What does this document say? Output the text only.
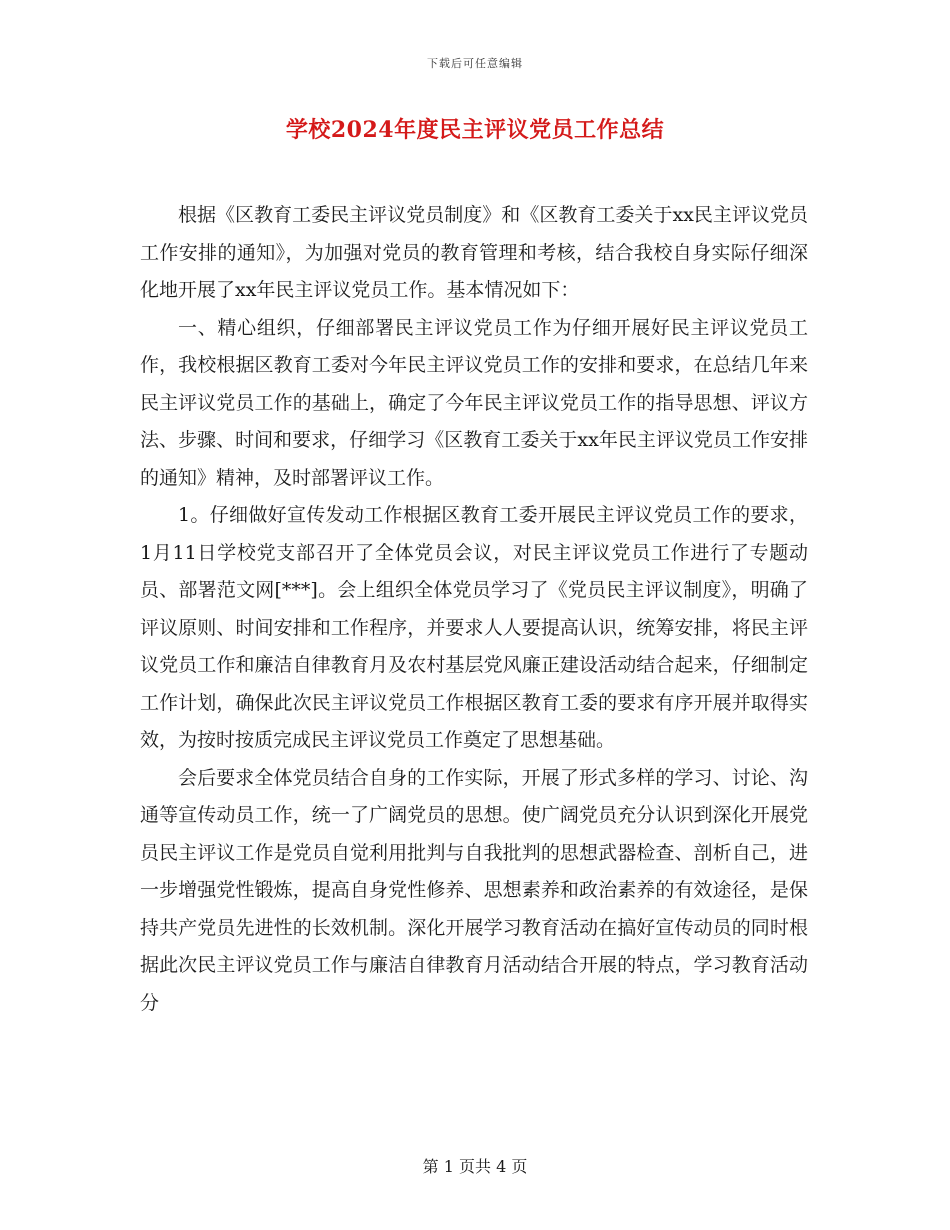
下载后可任意编辑
学校2024年度民主评议党员工作总结

根据《区教育工委民主评议党员制度》和《区教育工委关于xx民主评议党员工作安排的通知》，为加强对党员的教育管理和考核，结合我校自身实际仔细深化地开展了xx年民主评议党员工作。基本情况如下：

一、精心组织，仔细部署民主评议党员工作为仔细开展好民主评议党员工作，我校根据区教育工委对今年民主评议党员工作的安排和要求，在总结几年来民主评议党员工作的基础上，确定了今年民主评议党员工作的指导思想、评议方法、步骤、时间和要求，仔细学习《区教育工委关于xx年民主评议党员工作安排的通知》精神，及时部署评议工作。

1。仔细做好宣传发动工作根据区教育工委开展民主评议党员工作的要求，1月11日学校党支部召开了全体党员会议，对民主评议党员工作进行了专题动员、部署范文网[***]。会上组织全体党员学习了《党员民主评议制度》，明确了评议原则、时间安排和工作程序，并要求人人要提高认识，统筹安排，将民主评议党员工作和廉洁自律教育月及农村基层党风廉正建设活动结合起来，仔细制定工作计划，确保此次民主评议党员工作根据区教育工委的要求有序开展并取得实效，为按时按质完成民主评议党员工作奠定了思想基础。

会后要求全体党员结合自身的工作实际，开展了形式多样的学习、讨论、沟通等宣传动员工作，统一了广阔党员的思想。使广阔党员充分认识到深化开展党员民主评议工作是党员自觉利用批判与自我批判的思想武器检查、剖析自己，进一步增强党性锻炼，提高自身党性修养、思想素养和政治素养的有效途径，是保持共产党员先进性的长效机制。深化开展学习教育活动在搞好宣传动员的同时根据此次民主评议党员工作与廉洁自律教育月活动结合开展的特点，学习教育活动分

第 1 页共 4 页
